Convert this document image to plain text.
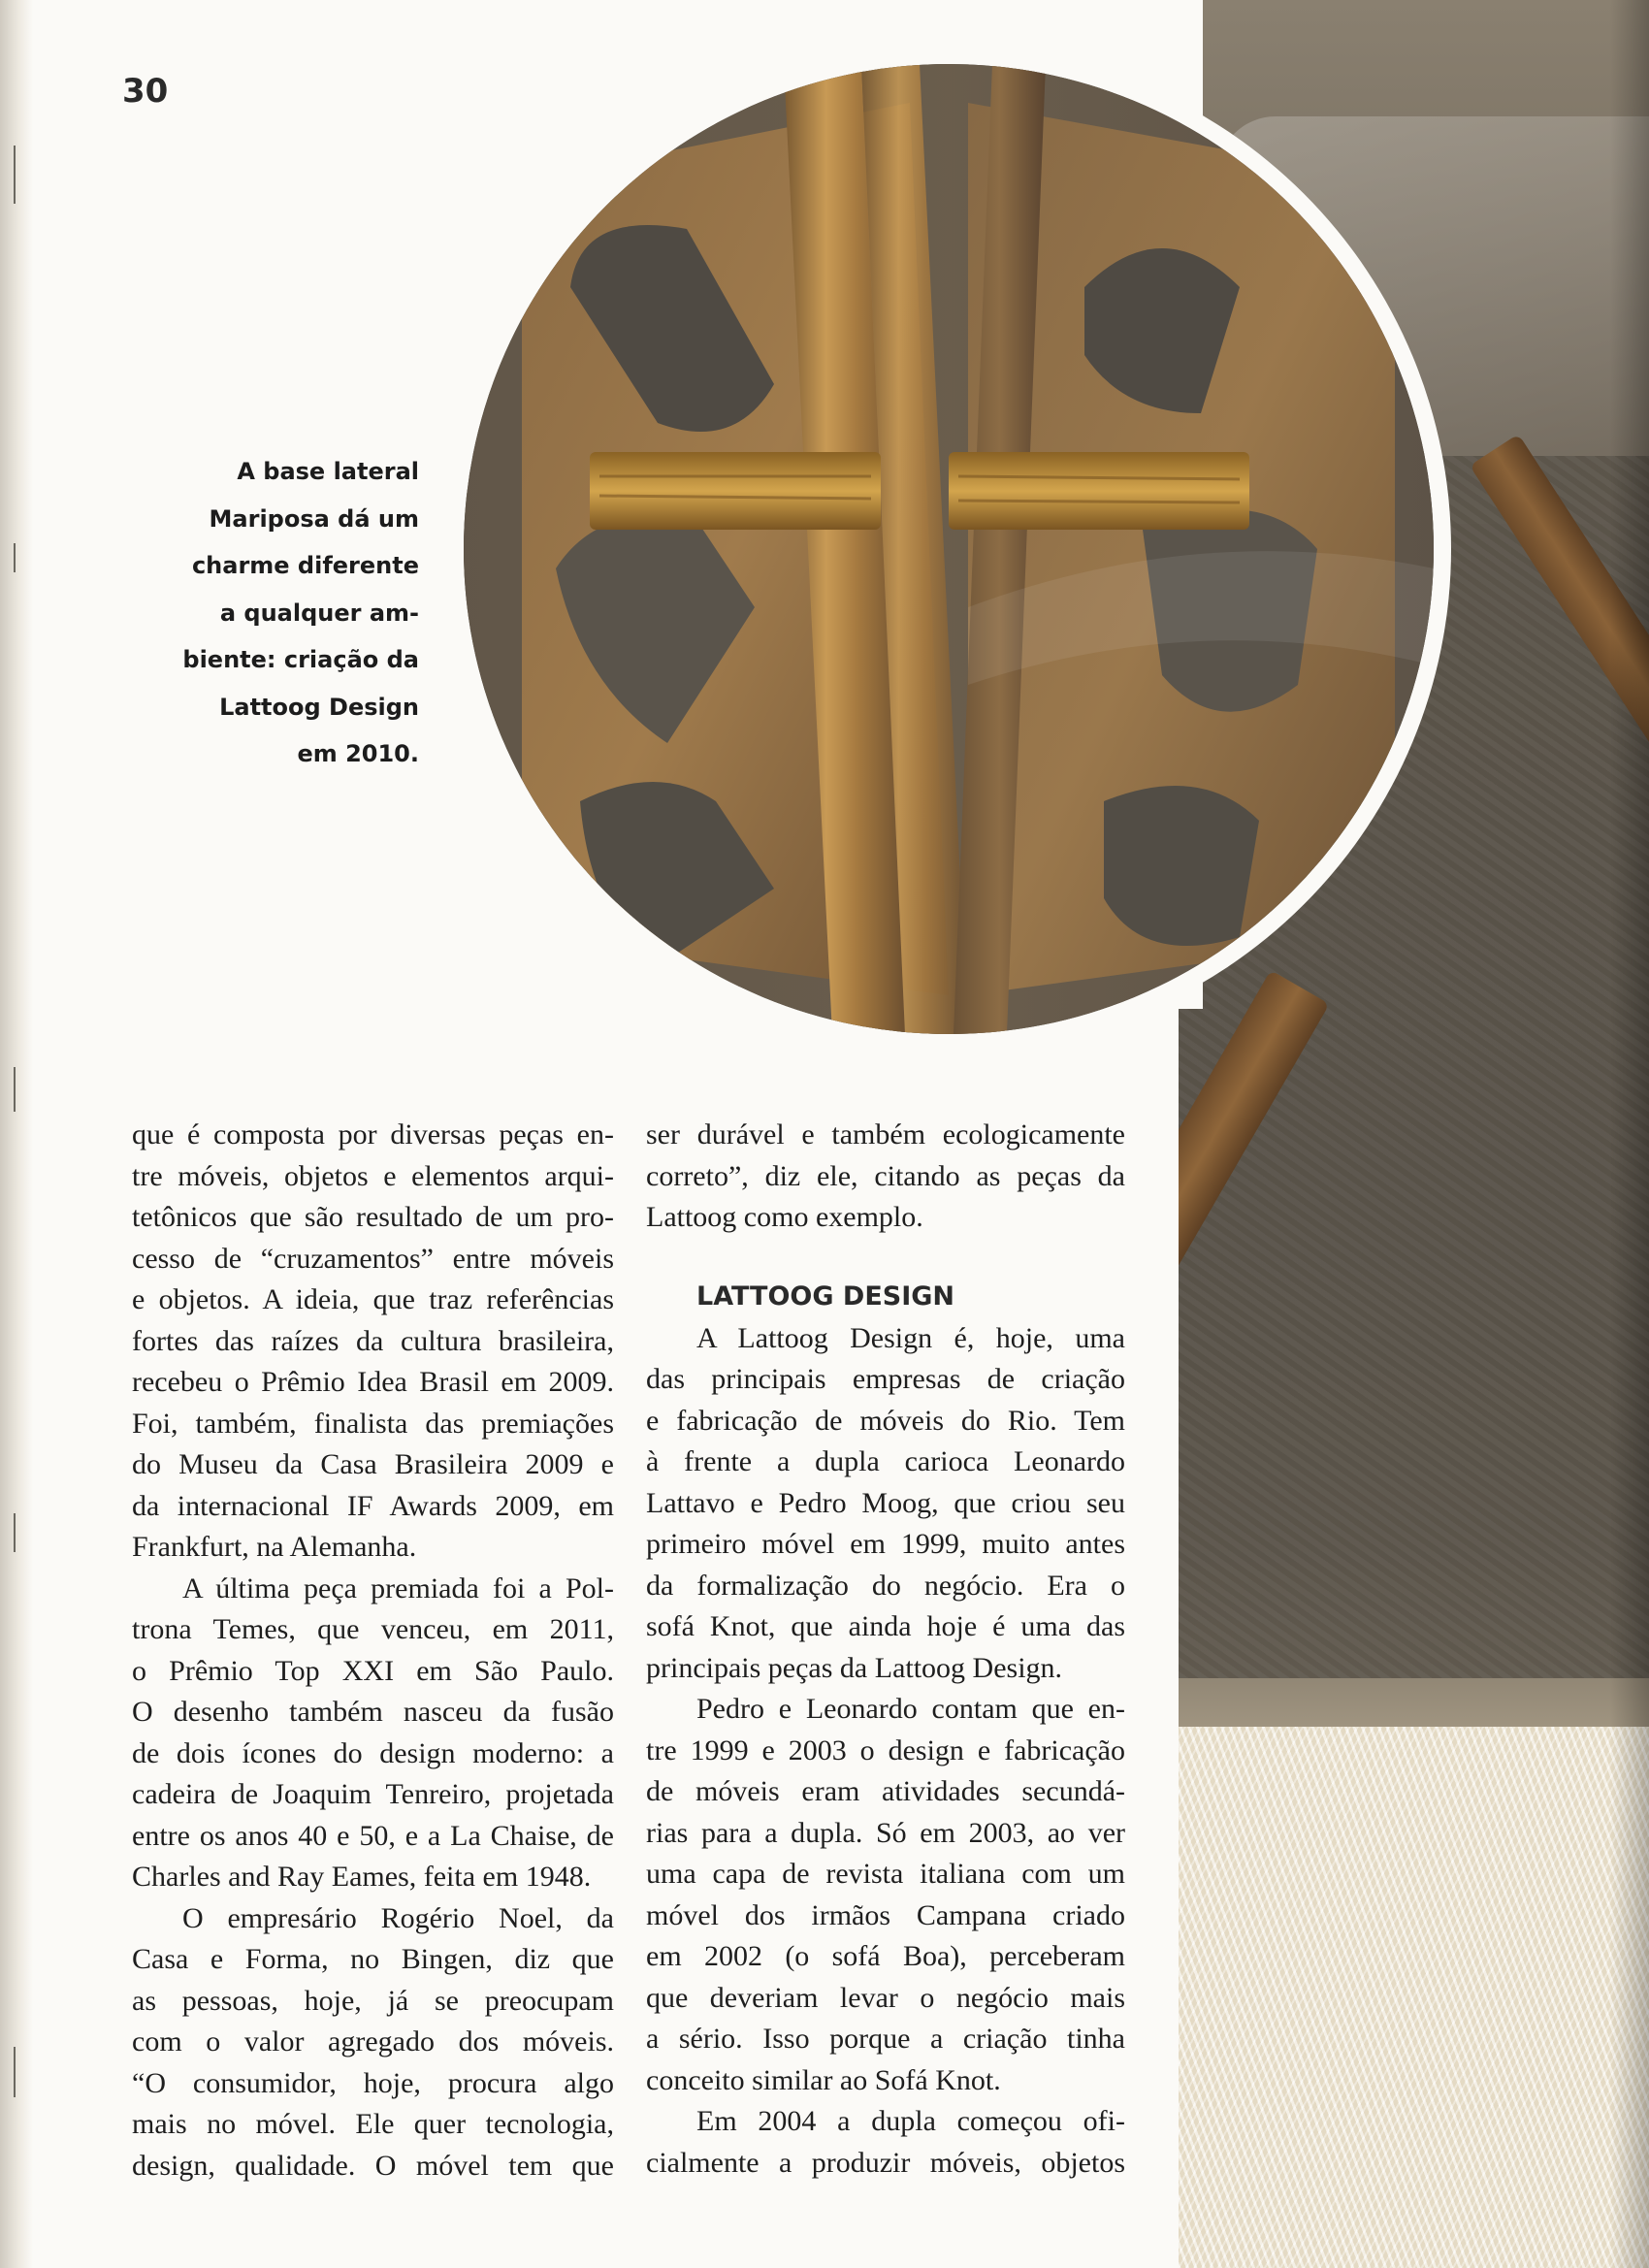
30

A base lateral
Mariposa dá um
charme diferente
a qualquer am-
biente: criação da
Lattoog Design
em 2010.

que é composta por diversas peças en-
tre móveis, objetos e elementos arqui-
tetônicos que são resultado de um pro-
cesso de “cruzamentos” entre móveis
e objetos. A ideia, que traz referências
fortes das raízes da cultura brasileira,
recebeu o Prêmio Idea Brasil em 2009.
Foi, também, finalista das premiações
do Museu da Casa Brasileira 2009 e
da internacional IF Awards 2009, em
Frankfurt, na Alemanha.

A última peça premiada foi a Pol-
trona Temes, que venceu, em 2011,
o Prêmio Top XXI em São Paulo.
O desenho também nasceu da fusão
de dois ícones do design moderno: a
cadeira de Joaquim Tenreiro, projetada
entre os anos 40 e 50, e a La Chaise, de
Charles and Ray Eames, feita em 1948.

O empresário Rogério Noel, da
Casa e Forma, no Bingen, diz que
as pessoas, hoje, já se preocupam
com o valor agregado dos móveis.
“O consumidor, hoje, procura algo
mais no móvel. Ele quer tecnologia,
design, qualidade. O móvel tem que

ser durável e também ecologicamente
correto”, diz ele, citando as peças da
Lattoog como exemplo.

LATTOOG DESIGN

A Lattoog Design é, hoje, uma
das principais empresas de criação
e fabricação de móveis do Rio. Tem
à frente a dupla carioca Leonardo
Lattavo e Pedro Moog, que criou seu
primeiro móvel em 1999, muito antes
da formalização do negócio. Era o
sofá Knot, que ainda hoje é uma das
principais peças da Lattoog Design.

Pedro e Leonardo contam que en-
tre 1999 e 2003 o design e fabricação
de móveis eram atividades secundá-
rias para a dupla. Só em 2003, ao ver
uma capa de revista italiana com um
móvel dos irmãos Campana criado
em 2002 (o sofá Boa), perceberam
que deveriam levar o negócio mais
a sério. Isso porque a criação tinha
conceito similar ao Sofá Knot.

Em 2004 a dupla começou ofi-
cialmente a produzir móveis, objetos
